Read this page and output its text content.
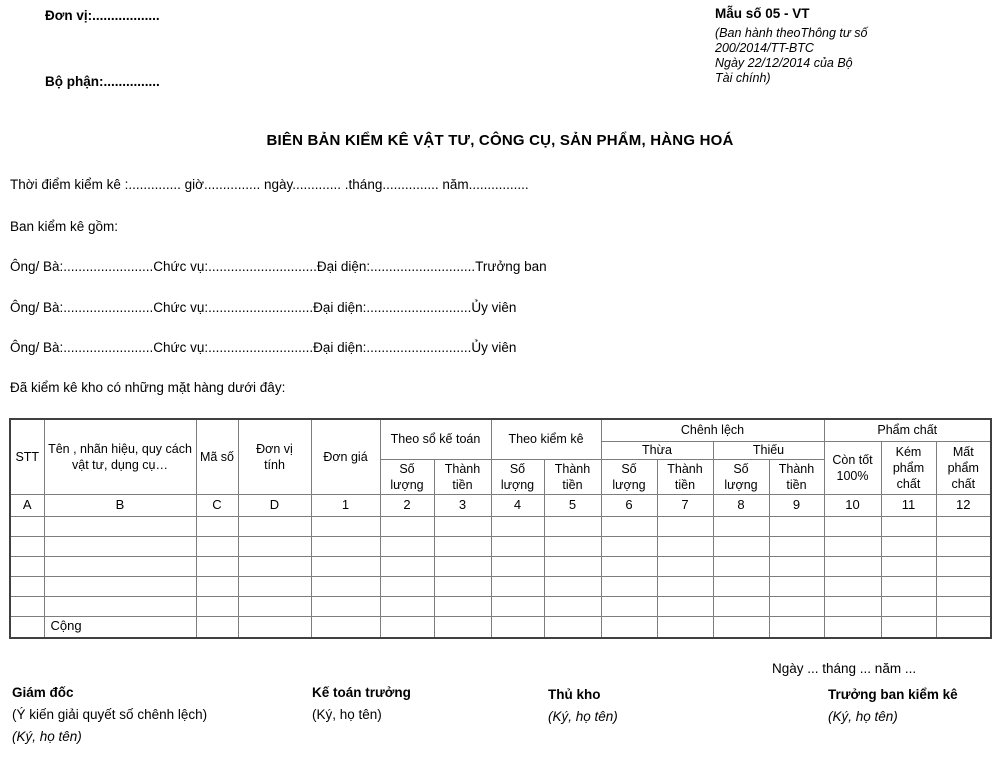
Đơn vị:..................
Bộ phận:...............
Mẫu số 05 - VT
(Ban hành theoThông tư số
200/2014/TT-BTC
Ngày 22/12/2014 của Bộ
Tài chính)
BIÊN BẢN KIỂM KÊ VẬT TƯ, CÔNG CỤ, SẢN PHẨM, HÀNG HOÁ
Thời điểm kiểm kê :.............. giờ............... ngày............. .tháng............... năm................
Ban kiểm kê gồm:
Ông/ Bà:........................Chức vụ:.............................Đại diện:............................Trưởng ban
Ông/ Bà:........................Chức vụ:............................Đại diện:............................Ủy viên
Ông/ Bà:........................Chức vụ:............................Đại diện:............................Ủy viên
Đã kiểm kê kho có những mặt hàng dưới đây:
STT	Tên , nhãn hiệu, quy cách vật tư, dụng cụ…	Mã số	Đơn vị tính	Đơn giá	Theo sổ kế toán		Theo kiểm kê		Chênh lệch				Phẩm chất		
									Thừa		Thiếu		Còn tốt 100%	Kém phẩm chất	Mất phẩm chất
					Số lượng	Thành tiền	Số lượng	Thành tiền	Số lượng	Thành tiền	Số lượng	Thành tiền			
A	B	C	D	1	2	3	4	5	6	7	8	9	10	11	12

	Cộng														
Ngày ... tháng ... năm ...
Giám đốc
(Ý kiến giải quyết số chênh lệch)
(Ký, họ tên)
Kế toán trưởng
(Ký, họ tên)
Thủ kho
(Ký, họ tên)
Trưởng ban kiểm kê
(Ký, họ tên)
